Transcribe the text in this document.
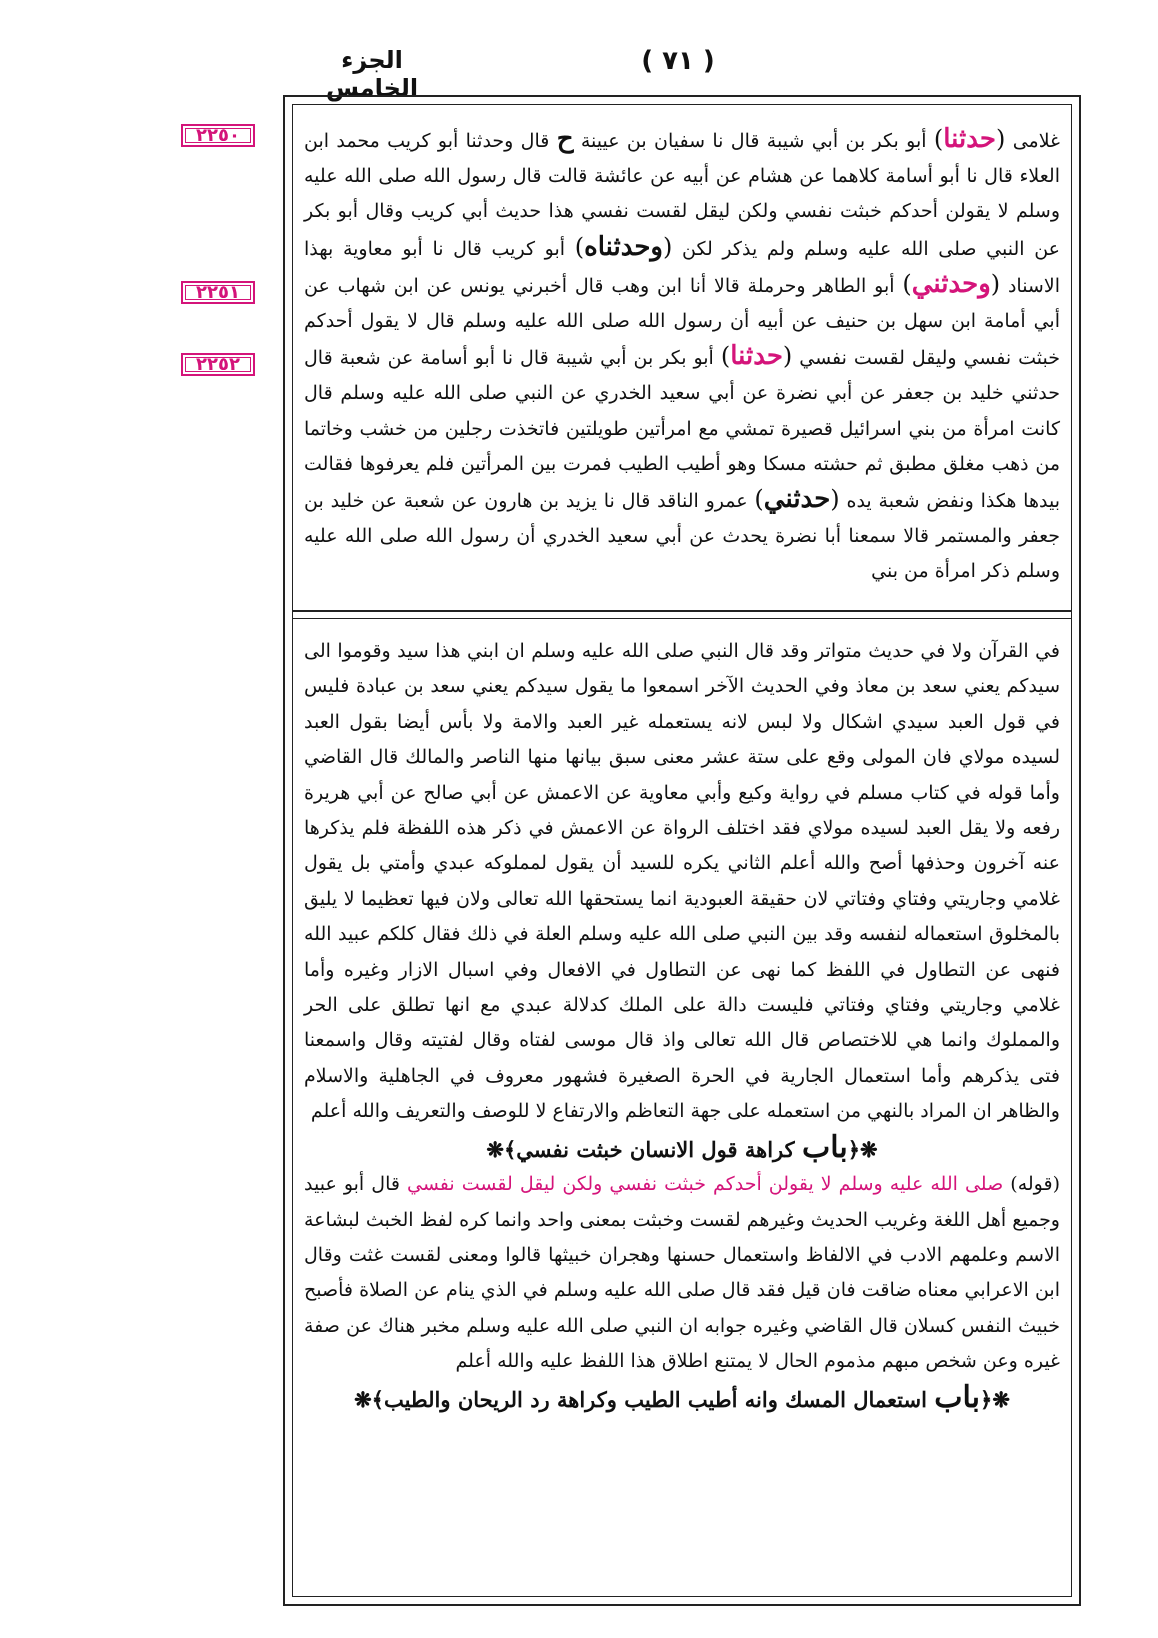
الجزء الخامس
( ٧١ )
٢٢٥٠
٢٢٥١
٢٢٥٢

غلامى (حدثنا) أبو بكر بن أبي شيبة قال نا سفيان بن عيينة ح قال وحدثنا أبو كريب محمد ابن العلاء قال نا أبو أسامة كلاهما عن هشام عن أبيه عن عائشة قالت قال رسول الله صلى الله عليه وسلم لا يقولن أحدكم خبثت نفسي ولكن ليقل لقست نفسي هذا حديث أبي كريب وقال أبو بكر عن النبي صلى الله عليه وسلم ولم يذكر لكن (وحدثناه) أبو كريب قال نا أبو معاوية بهذا الاسناد (وحدثني) أبو الطاهر وحرملة قالا أنا ابن وهب قال أخبرني يونس عن ابن شهاب عن أبي أمامة ابن سهل بن حنيف عن أبيه أن رسول الله صلى الله عليه وسلم قال لا يقول أحدكم خبثت نفسي وليقل لقست نفسي (حدثنا) أبو بكر بن أبي شيبة قال نا أبو أسامة عن شعبة قال حدثني خليد بن جعفر عن أبي نضرة عن أبي سعيد الخدري عن النبي صلى الله عليه وسلم قال كانت امرأة من بني اسرائيل قصيرة تمشي مع امرأتين طويلتين فاتخذت رجلين من خشب وخاتما من ذهب مغلق مطبق ثم حشته مسكا وهو أطيب الطيب فمرت بين المرأتين فلم يعرفوها فقالت بيدها هكذا ونفض شعبة يده (حدثني) عمرو الناقد قال نا يزيد بن هارون عن شعبة عن خليد بن جعفر والمستمر قالا سمعنا أبا نضرة يحدث عن أبي سعيد الخدري أن رسول الله صلى الله عليه وسلم ذكر امرأة من بني

في القرآن ولا في حديث متواتر وقد قال النبي صلى الله عليه وسلم ان ابني هذا سيد وقوموا الى سيدكم يعني سعد بن معاذ وفي الحديث الآخر اسمعوا ما يقول سيدكم يعني سعد بن عبادة فليس في قول العبد سيدي اشكال ولا لبس لانه يستعمله غير العبد والامة ولا بأس أيضا بقول العبد لسيده مولاي فان المولى وقع على ستة عشر معنى سبق بيانها منها الناصر والمالك قال القاضي وأما قوله في كتاب مسلم في رواية وكيع وأبي معاوية عن الاعمش عن أبي صالح عن أبي هريرة رفعه ولا يقل العبد لسيده مولاي فقد اختلف الرواة عن الاعمش في ذكر هذه اللفظة فلم يذكرها عنه آخرون وحذفها أصح والله أعلم الثاني يكره للسيد أن يقول لمملوكه عبدي وأمتي بل يقول غلامي وجاريتي وفتاي وفتاتي لان حقيقة العبودية انما يستحقها الله تعالى ولان فيها تعظيما لا يليق بالمخلوق استعماله لنفسه وقد بين النبي صلى الله عليه وسلم العلة في ذلك فقال كلكم عبيد الله فنهى عن التطاول في اللفظ كما نهى عن التطاول في الافعال وفي اسبال الازار وغيره وأما غلامي وجاريتي وفتاي وفتاتي فليست دالة على الملك كدلالة عبدي مع انها تطلق على الحر والمملوك وانما هي للاختصاص قال الله تعالى واذ قال موسى لفتاه وقال لفتيته وقال واسمعنا فتى يذكرهم وأما استعمال الجارية في الحرة الصغيرة فشهور معروف في الجاهلية والاسلام والظاهر ان المراد بالنهي من استعمله على جهة التعاظم والارتفاع لا للوصف والتعريف والله أعلم

❋﴿باب كراهة قول الانسان خبثت نفسي﴾❋

(قوله) صلى الله عليه وسلم لا يقولن أحدكم خبثت نفسي ولكن ليقل لقست نفسي قال أبو عبيد وجميع أهل اللغة وغريب الحديث وغيرهم لقست وخبثت بمعنى واحد وانما كره لفظ الخبث لبشاعة الاسم وعلمهم الادب في الالفاظ واستعمال حسنها وهجران خبيثها قالوا ومعنى لقست غثت وقال ابن الاعرابي معناه ضاقت فان قيل فقد قال صلى الله عليه وسلم في الذي ينام عن الصلاة فأصبح خبيث النفس كسلان قال القاضي وغيره جوابه ان النبي صلى الله عليه وسلم مخبر هناك عن صفة غيره وعن شخص مبهم مذموم الحال لا يمتنع اطلاق هذا اللفظ عليه والله أعلم

❋﴿باب استعمال المسك وانه أطيب الطيب وكراهة رد الريحان والطيب﴾❋
